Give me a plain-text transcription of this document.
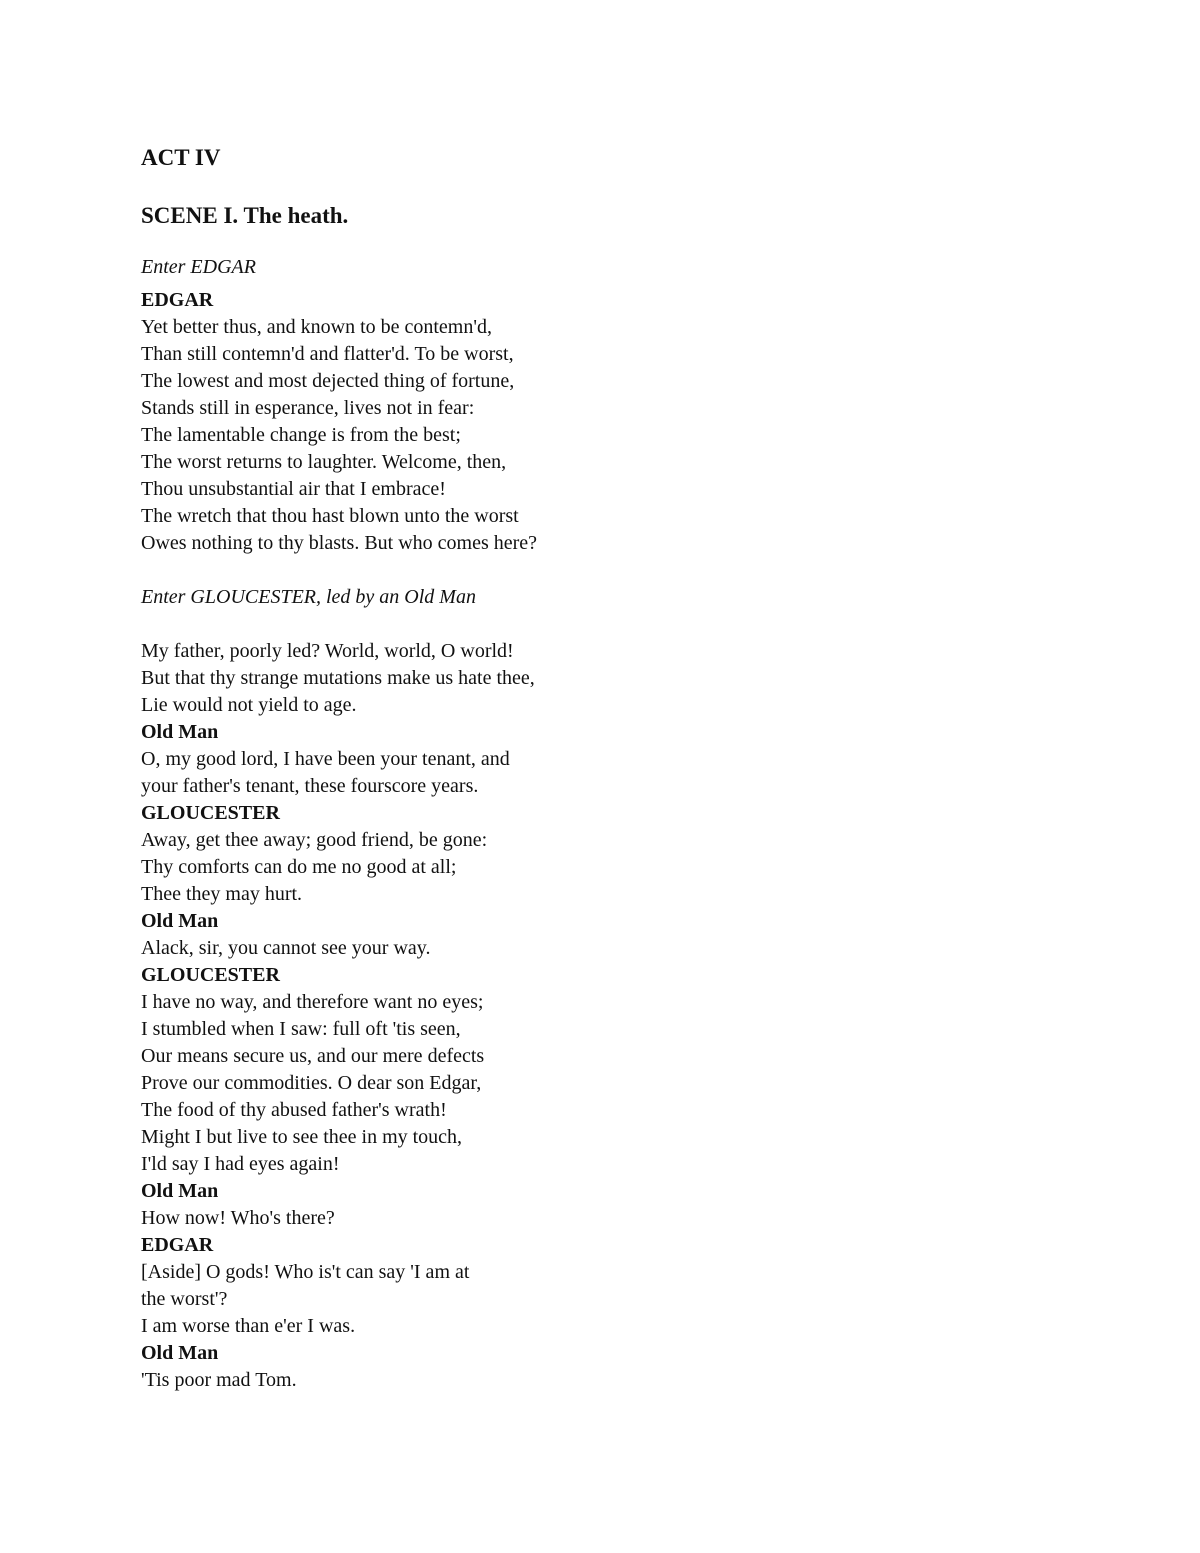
ACT IV
SCENE I. The heath.

Enter EDGAR

EDGAR
Yet better thus, and known to be contemn'd,
Than still contemn'd and flatter'd. To be worst,
The lowest and most dejected thing of fortune,
Stands still in esperance, lives not in fear:
The lamentable change is from the best;
The worst returns to laughter. Welcome, then,
Thou unsubstantial air that I embrace!
The wretch that thou hast blown unto the worst
Owes nothing to thy blasts. But who comes here?

Enter GLOUCESTER, led by an Old Man

My father, poorly led? World, world, O world!
But that thy strange mutations make us hate thee,
Lie would not yield to age.
Old Man
O, my good lord, I have been your tenant, and
your father's tenant, these fourscore years.
GLOUCESTER
Away, get thee away; good friend, be gone:
Thy comforts can do me no good at all;
Thee they may hurt.
Old Man
Alack, sir, you cannot see your way.
GLOUCESTER
I have no way, and therefore want no eyes;
I stumbled when I saw: full oft 'tis seen,
Our means secure us, and our mere defects
Prove our commodities. O dear son Edgar,
The food of thy abused father's wrath!
Might I but live to see thee in my touch,
I'ld say I had eyes again!
Old Man
How now! Who's there?
EDGAR
[Aside] O gods! Who is't can say 'I am at
the worst'?
I am worse than e'er I was.
Old Man
'Tis poor mad Tom.
